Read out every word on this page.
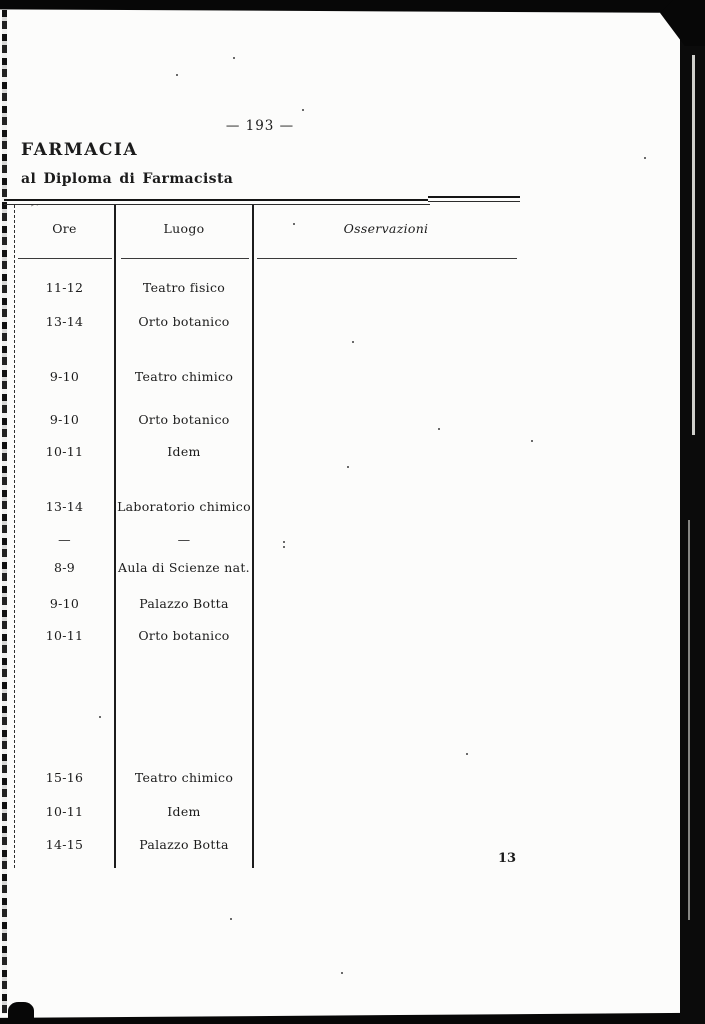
— 193 —
FARMACIA
al Diploma di Farmacista
Ore	Luogo	Osservazioni
11-12	Teatro fisico
13-14	Orto botanico
9-10	Teatro chimico
9-10	Orto botanico
10-11	Idem
13-14	Laboratorio chimico
—	—
8-9	Aula di Scienze nat.
9-10	Palazzo Botta
10-11	Orto botanico
15-16	Teatro chimico
10-11	Idem
14-15	Palazzo Botta
13
